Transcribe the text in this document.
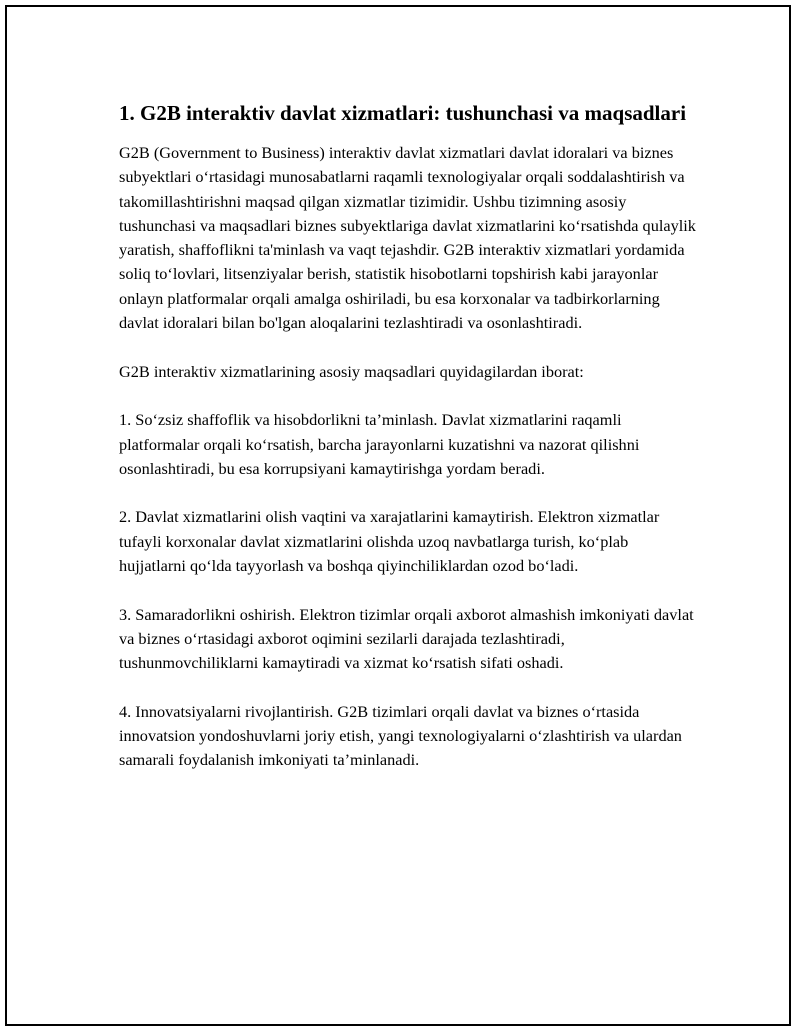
1. G2B interaktiv davlat xizmatlari: tushunchasi va maqsadlari

G2B (Government to Business) interaktiv davlat xizmatlari davlat idoralari va biznes subyektlari oʻrtasidagi munosabatlarni raqamli texnologiyalar orqali soddalashtirish va takomillashtirishni maqsad qilgan xizmatlar tizimidir. Ushbu tizimning asosiy tushunchasi va maqsadlari biznes subyektlariga davlat xizmatlarini koʻrsatishda qulaylik yaratish, shaffoflikni ta'minlash va vaqt tejashdir. G2B interaktiv xizmatlari yordamida soliq toʻlovlari, litsenziyalar berish, statistik hisobotlarni topshirish kabi jarayonlar onlayn platformalar orqali amalga oshiriladi, bu esa korxonalar va tadbirkorlarning davlat idoralari bilan bo'lgan aloqalarini tezlashtiradi va osonlashtiradi.

G2B interaktiv xizmatlarining asosiy maqsadlari quyidagilardan iborat:

1. Soʻzsiz shaffoflik va hisobdorlikni taʼminlash. Davlat xizmatlarini raqamli platformalar orqali koʻrsatish, barcha jarayonlarni kuzatishni va nazorat qilishni osonlashtiradi, bu esa korrupsiyani kamaytirishga yordam beradi.

2. Davlat xizmatlarini olish vaqtini va xarajatlarini kamaytirish. Elektron xizmatlar tufayli korxonalar davlat xizmatlarini olishda uzoq navbatlarga turish, koʻplab hujjatlarni qoʻlda tayyorlash va boshqa qiyinchiliklardan ozod boʻladi.

3. Samaradorlikni oshirish. Elektron tizimlar orqali axborot almashish imkoniyati davlat va biznes oʻrtasidagi axborot oqimini sezilarli darajada tezlashtiradi, tushunmovchiliklarni kamaytiradi va xizmat koʻrsatish sifati oshadi.

4. Innovatsiyalarni rivojlantirish. G2B tizimlari orqali davlat va biznes oʻrtasida innovatsion yondoshuvlarni joriy etish, yangi texnologiyalarni oʻzlashtirish va ulardan samarali foydalanish imkoniyati taʼminlanadi.
